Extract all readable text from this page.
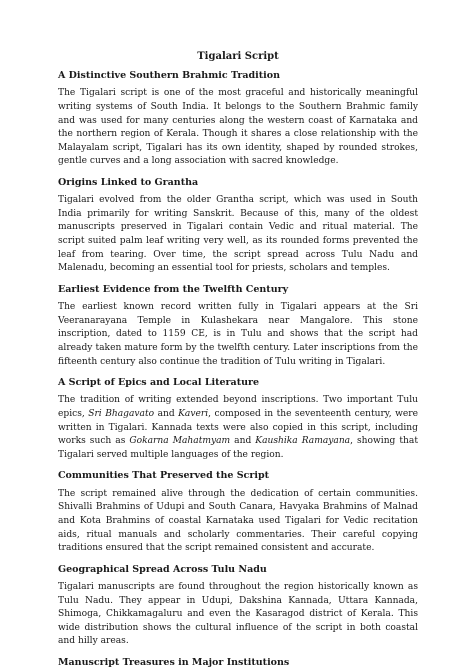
Tigalari Script
A Distinctive Southern Brahmic Tradition

The Tigalari script is one of the most graceful and historically meaningful writing systems of South India. It belongs to the Southern Brahmic family and was used for many centuries along the western coast of Karnataka and the northern region of Kerala. Though it shares a close relationship with the Malayalam script, Tigalari has its own identity, shaped by rounded strokes, gentle curves and a long association with sacred knowledge.

Origins Linked to Grantha

Tigalari evolved from the older Grantha script, which was used in South India primarily for writing Sanskrit. Because of this, many of the oldest manuscripts preserved in Tigalari contain Vedic and ritual material. The script suited palm leaf writing very well, as its rounded forms prevented the leaf from tearing. Over time, the script spread across Tulu Nadu and Malenadu, becoming an essential tool for priests, scholars and temples.

Earliest Evidence from the Twelfth Century

The earliest known record written fully in Tigalari appears at the Sri Veeranarayana Temple in Kulashekara near Mangalore. This stone inscription, dated to 1159 CE, is in Tulu and shows that the script had already taken mature form by the twelfth century. Later inscriptions from the fifteenth century also continue the tradition of Tulu writing in Tigalari.

A Script of Epics and Local Literature

The tradition of writing extended beyond inscriptions. Two important Tulu epics, Sri Bhagavato and Kaveri, composed in the seventeenth century, were written in Tigalari. Kannada texts were also copied in this script, including works such as Gokarna Mahatmyam and Kaushika Ramayana, showing that Tigalari served multiple languages of the region.

Communities That Preserved the Script

The script remained alive through the dedication of certain communities. Shivalli Brahmins of Udupi and South Canara, Havyaka Brahmins of Malnad and Kota Brahmins of coastal Karnataka used Tigalari for Vedic recitation aids, ritual manuals and scholarly commentaries. Their careful copying traditions ensured that the script remained consistent and accurate.

Geographical Spread Across Tulu Nadu

Tigalari manuscripts are found throughout the region historically known as Tulu Nadu. They appear in Udupi, Dakshina Kannada, Uttara Kannada, Shimoga, Chikkamagaluru and even the Kasaragod district of Kerala. This wide distribution shows the cultural influence of the script in both coastal and hilly areas.

Manuscript Treasures in Major Institutions
